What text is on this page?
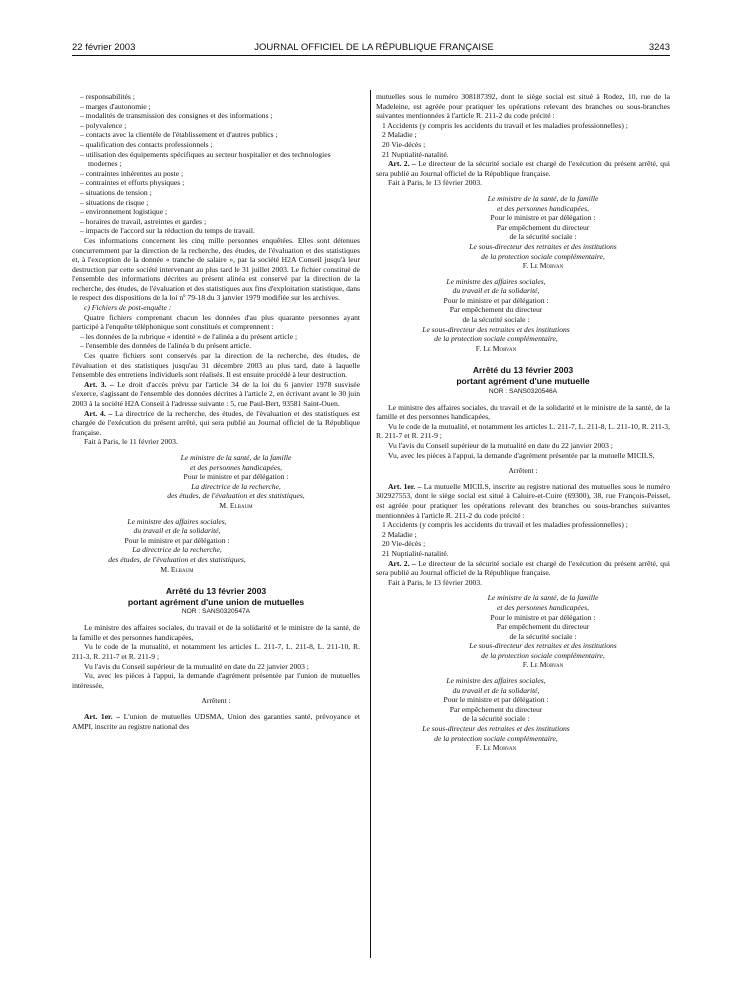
22 février 2003	JOURNAL OFFICIEL DE LA RÉPUBLIQUE FRANÇAISE	3243

– responsabilités ;

– marges d'autonomie ;

– modalités de transmission des consignes et des informations ;

– polyvalence ;

– contacts avec la clientèle de l'établissement et d'autres publics ;

– qualification des contacts professionnels ;

– utilisation des équipements spécifiques au secteur hospitalier et des technologies modernes ;

– contraintes inhérentes au poste ;

– contraintes et efforts physiques ;

– situations de tension ;

– situations de risque ;

– environnement logistique ;

– horaires de travail, astreintes et gardes ;

– impacts de l'accord sur la réduction du temps de travail.

Ces informations concernent les cinq mille personnes enquêtées. Elles sont détenues concurremment par la direction de la recherche, des études, de l'évaluation et des statistiques et, à l'exception de la donnée « tranche de salaire », par la société H2A Conseil jusqu'à leur destruction par cette société intervenant au plus tard le 31 juillet 2003. Le fichier constitué de l'ensemble des informations décrites au présent alinéa est conservé par la direction de la recherche, des études, de l'évaluation et des statistiques aux fins d'exploitation statistique, dans le respect des dispositions de la loi nº 79-18 du 3 janvier 1979 modifiée sur les archives.

c) Fichiers de post-enquête :

Quatre fichiers comprenant chacun les données d'au plus quarante personnes ayant participé à l'enquête téléphonique sont constitués et comprennent :

– les données de la rubrique « identité » de l'alinéa a du présent article ;

– l'ensemble des données de l'alinéa b du présent article.

Ces quatre fichiers sont conservés par la direction de la recherche, des études, de l'évaluation et des statistiques jusqu'au 31 décembre 2003 au plus tard, date à laquelle l'ensemble des entretiens individuels sont réalisés. Il est ensuite procédé à leur destruction.

Art. 3. – Le droit d'accès prévu par l'article 34 de la loi du 6 janvier 1978 susvisée s'exerce, s'agissant de l'ensemble des données décrites à l'article 2, en écrivant avant le 30 juin 2003 à la société H2A Conseil à l'adresse suivante : 5, rue Paul-Bert, 93581 Saint-Ouen.

Art. 4. – La directrice de la recherche, des études, de l'évaluation et des statistiques est chargée de l'exécution du présent arrêté, qui sera publié au Journal officiel de la République française.

Fait à Paris, le 11 février 2003.

Le ministre de la santé, de la famille

et des personnes handicapées,

Pour le ministre et par délégation :

La directrice de la recherche,

des études, de l'évaluation et des statistiques,

M. Elbaum

Le ministre des affaires sociales,

du travail et de la solidarité,

Pour le ministre et par délégation :

La directrice de la recherche,

des études, de l'évaluation et des statistiques,

M. Elbaum

Arrêté du 13 février 2003
portant agrément d'une union de mutuelles
NOR : SANS0320547A

Le ministre des affaires sociales, du travail et de la solidarité et le ministre de la santé, de la famille et des personnes handicapées,

Vu le code de la mutualité, et notamment les articles L. 211-7, L. 211-8, L. 211-10, R. 211-3, R. 211-7 et R. 211-9 ;

Vu l'avis du Conseil supérieur de la mutualité en date du 22 janvier 2003 ;

Vu, avec les pièces à l'appui, la demande d'agrément présentée par l'union de mutuelles intéressée,

Arrêtent :

Art. 1er. – L'union de mutuelles UDSMA, Union des garanties santé, prévoyance et AMPI, inscrite au registre national des

mutuelles sous le numéro 308187392, dont le siège social est situé à Rodez, 10, rue de la Madeleine, est agréée pour pratiquer les opérations relevant des branches ou sous-branches suivantes mentionnées à l'article R. 211-2 du code précité :

1 Accidents (y compris les accidents du travail et les maladies professionnelles) ;

2 Maladie ;

20 Vie-décès ;

21 Nuptialité-natalité.

Art. 2. – Le directeur de la sécurité sociale est chargé de l'exécution du présent arrêté, qui sera publié au Journal officiel de la République française.

Fait à Paris, le 13 février 2003.

Le ministre de la santé, de la famille

et des personnes handicapées,

Pour le ministre et par délégation :

Par empêchement du directeur

de la sécurité sociale :

Le sous-directeur des retraites et des institutions

de la protection sociale complémentaire,

F. Le Morvan

Le ministre des affaires sociales,

du travail et de la solidarité,

Pour le ministre et par délégation :

Par empêchement du directeur

de la sécurité sociale :

Le sous-directeur des retraites et des institutions

de la protection sociale complémentaire,

F. Le Morvan

Arrêté du 13 février 2003
portant agrément d'une mutuelle
NOR : SANS0320546A

Le ministre des affaires sociales, du travail et de la solidarité et le ministre de la santé, de la famille et des personnes handicapées,

Vu le code de la mutualité, et notamment les articles L. 211-7, L. 211-8, L. 211-10, R. 211-3, R. 211-7 et R. 211-9 ;

Vu l'avis du Conseil supérieur de la mutualité en date du 22 janvier 2003 ;

Vu, avec les pièces à l'appui, la demande d'agrément présentée par la mutuelle MICILS,

Arrêtent :

Art. 1er. – La mutuelle MICILS, inscrite au registre national des mutuelles sous le numéro 302927553, dont le siège social est situé à Caluire-et-Cuire (69300), 38, rue François-Peissel, est agréée pour pratiquer les opérations relevant des branches ou sous-branches suivantes mentionnées à l'article R. 211-2 du code précité :

1 Accidents (y compris les accidents du travail et les maladies professionnelles) ;

2 Maladie ;

20 Vie-décès ;

21 Nuptialité-natalité.

Art. 2. – Le directeur de la sécurité sociale est chargé de l'exécution du présent arrêté, qui sera publié au Journal officiel de la République française.

Fait à Paris, le 13 février 2003.

Le ministre de la santé, de la famille

et des personnes handicapées,

Pour le ministre et par délégation :

Par empêchement du directeur

de la sécurité sociale :

Le sous-directeur des retraites et des institutions

de la protection sociale complémentaire,

F. Le Morvan

Le ministre des affaires sociales,

du travail et de la solidarité,

Pour le ministre et par délégation :

Par empêchement du directeur

de la sécurité sociale :

Le sous-directeur des retraites et des institutions

de la protection sociale complémentaire,

F. Le Morvan
